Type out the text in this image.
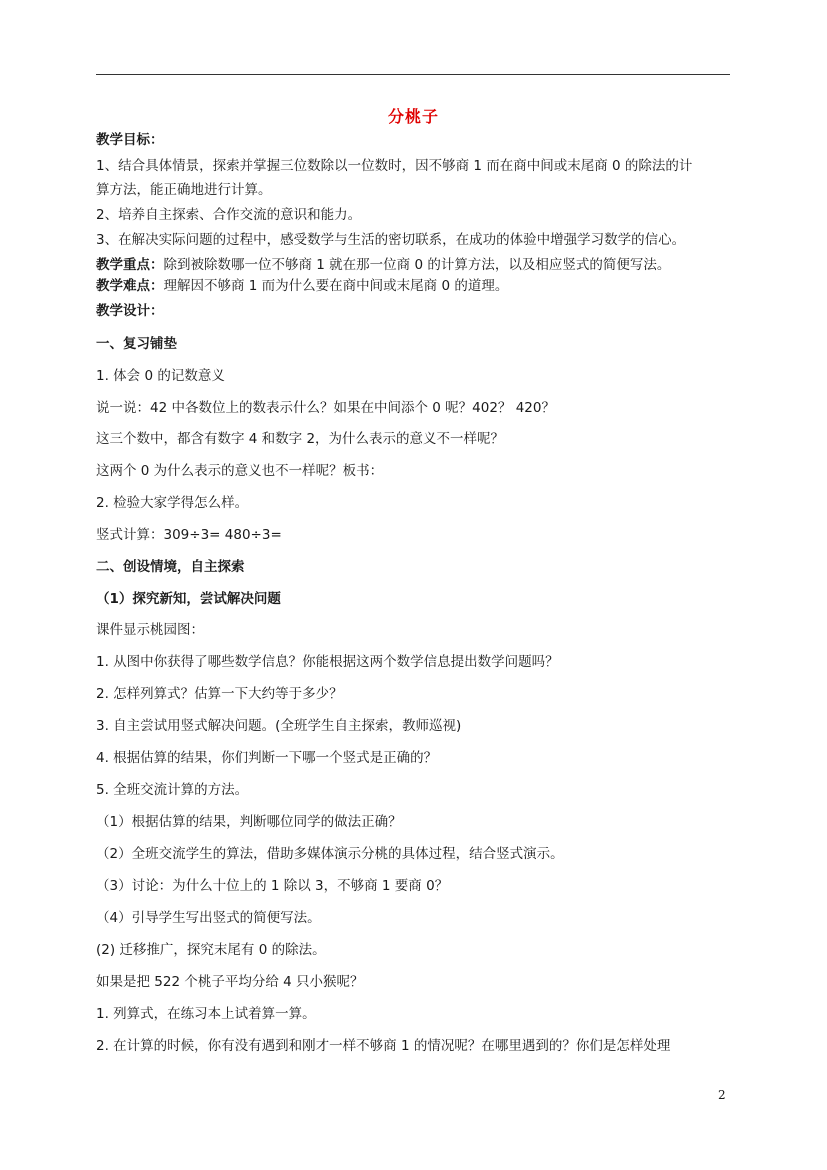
分桃子
教学目标：
1、结合具体情景，探索并掌握三位数除以一位数时，因不够商 1 而在商中间或末尾商 0 的除法的计
算方法，能正确地进行计算。
2、培养自主探索、合作交流的意识和能力。
3、在解决实际问题的过程中，感受数学与生活的密切联系，在成功的体验中增强学习数学的信心。
教学重点：除到被除数哪一位不够商 1 就在那一位商 0 的计算方法，以及相应竖式的简便写法。
教学难点：理解因不够商 1 而为什么要在商中间或末尾商 0 的道理。
教学设计：
一、复习铺垫
1. 体会 0 的记数意义
说一说：42 中各数位上的数表示什么？如果在中间添个 0 呢？402？ 420？
这三个数中，都含有数字 4 和数字 2，为什么表示的意义不一样呢？
这两个 0 为什么表示的意义也不一样呢？板书：
2. 检验大家学得怎么样。
竖式计算：309÷3= 480÷3=
二、创设情境，自主探索
（1）探究新知，尝试解决问题
课件显示桃园图：
1. 从图中你获得了哪些数学信息？你能根据这两个数学信息提出数学问题吗？
2. 怎样列算式？估算一下大约等于多少？
3. 自主尝试用竖式解决问题。(全班学生自主探索，教师巡视)
4. 根据估算的结果，你们判断一下哪一个竖式是正确的？
5. 全班交流计算的方法。
（1）根据估算的结果，判断哪位同学的做法正确？
（2）全班交流学生的算法，借助多媒体演示分桃的具体过程，结合竖式演示。
（3）讨论：为什么十位上的 1 除以 3，不够商 1 要商 0？
（4）引导学生写出竖式的简便写法。
(2) 迁移推广，探究末尾有 0 的除法。
如果是把 522 个桃子平均分给 4 只小猴呢？
1. 列算式，在练习本上试着算一算。
2. 在计算的时候，你有没有遇到和刚才一样不够商 1 的情况呢？在哪里遇到的？你们是怎样处理
2
